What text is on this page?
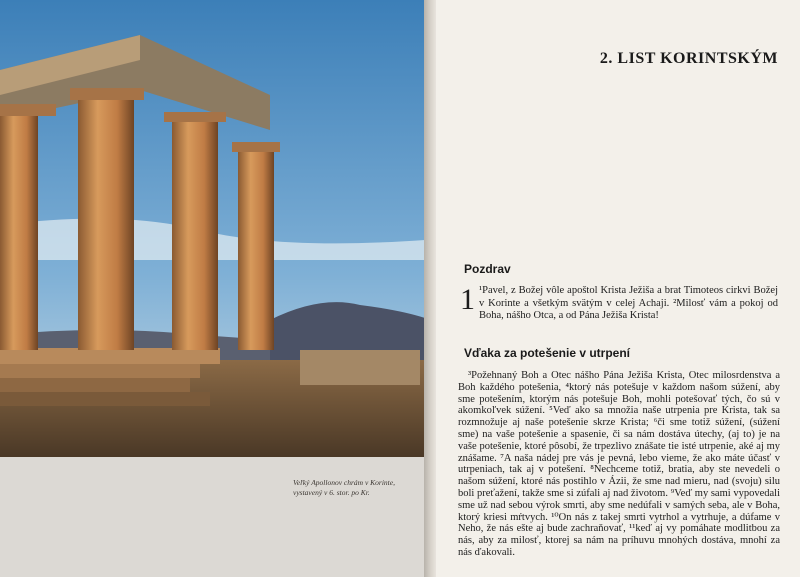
Veľký Apollonov chrám v Korinte, vystavený v 6. stor. po Kr.
2. LIST KORINTSKÝM
Pozdrav
1 ¹Pavel, z Božej vôle apoštol Krista Ježiša a brat Timoteos cirkvi Božej v Korinte a všetkým svätým v celej Achaji. ²Milosť vám a pokoj od Boha, nášho Otca, a od Pána Ježiša Krista!
Vďaka za potešenie v utrpení

³Požehnaný Boh a Otec nášho Pána Ježiša Krista, Otec milosrdenstva a Boh každého potešenia, ⁴ktorý nás potešuje v každom našom súžení, aby sme potešením, ktorým nás potešuje Boh, mohli potešovať tých, čo sú v akomkoľvek súžení. ⁵Veď ako sa množia naše utrpenia pre Krista, tak sa rozmnožuje aj naše potešenie skrze Krista; ⁶či sme totiž súžení, (súžení sme) na vaše potešenie a spasenie, či sa nám dostáva útechy, (aj to) je na vaše potešenie, ktoré pôsobí, že trpezlivo znášate tie isté utrpenie, aké aj my znášame. ⁷A naša nádej pre vás je pevná, lebo vieme, že ako máte účasť v utrpeniach, tak aj v potešení. ⁸Nechceme totiž, bratia, aby ste nevedeli o našom súžení, ktoré nás postihlo v Ázii, že sme nad mieru, nad (svoju) silu boli preťažení, takže sme si zúfali aj nad životom. ⁹Veď my sami vypovedali sme už nad sebou výrok smrti, aby sme nedúfali v samých seba, ale v Boha, ktorý kriesi mŕtvych. ¹⁰On nás z takej smrti vytrhol a vytrhuje, a dúfame v Neho, že nás ešte aj bude zachraňovať, ¹¹keď aj vy pomáhate modlitbou za nás, aby za milosť, ktorej sa nám na príhuvu mnohých dostáva, mnohí za nás ďakovali.
